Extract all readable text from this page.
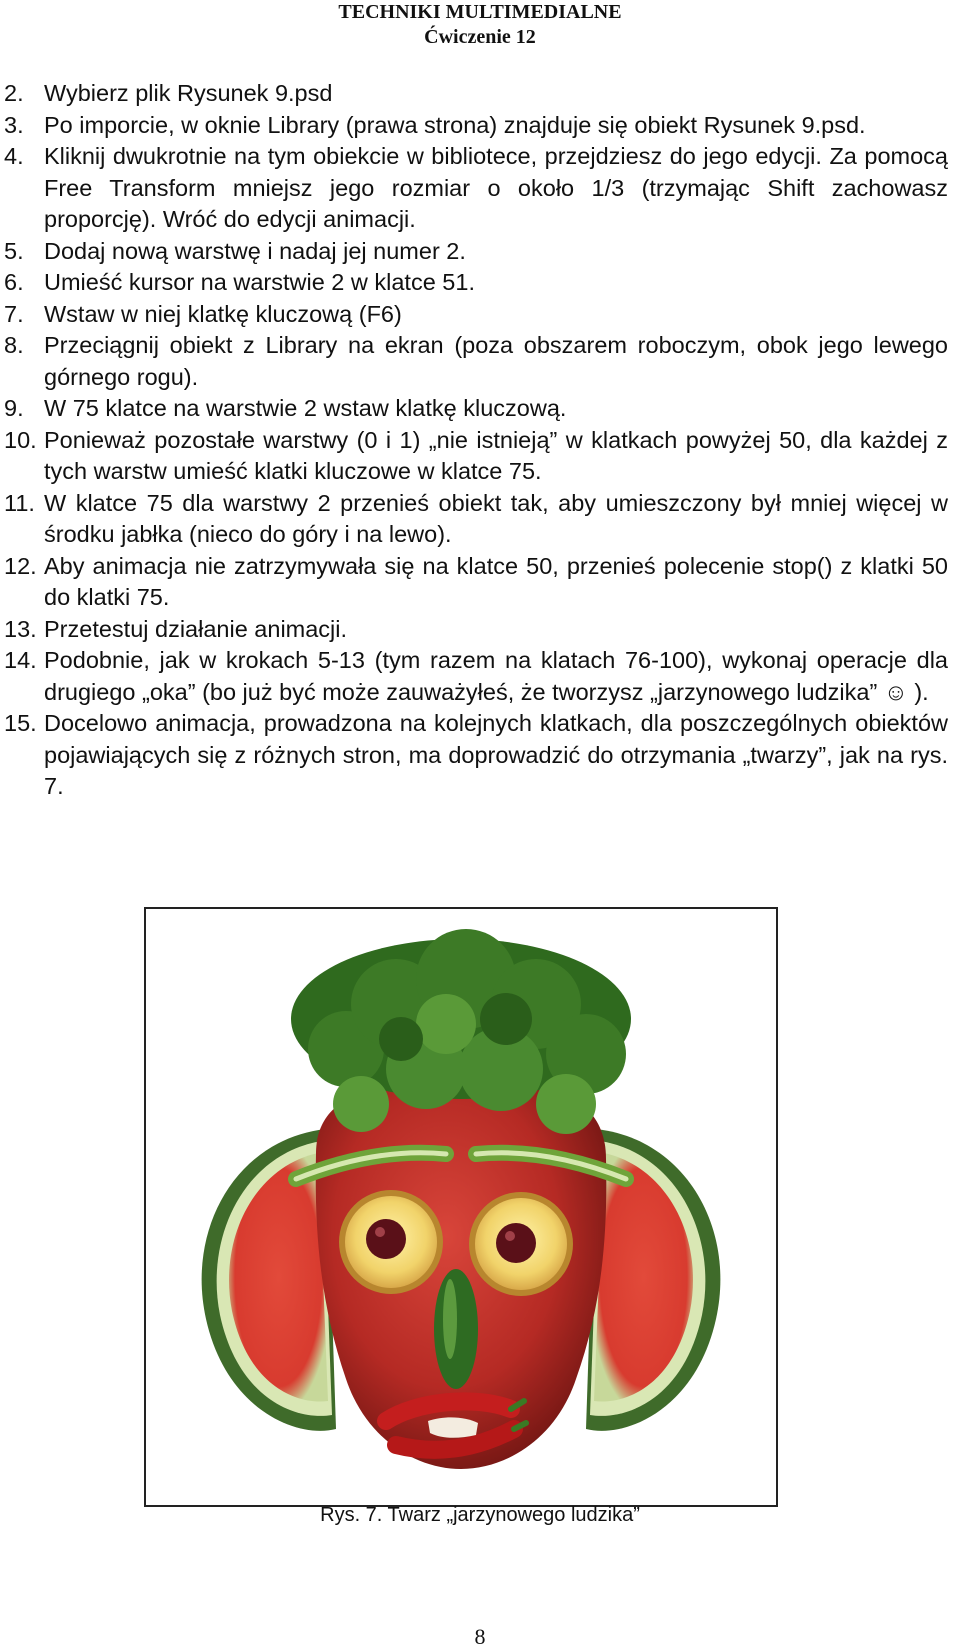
TECHNIKI MULTIMEDIALNE
Ćwiczenie 12
2. Wybierz plik Rysunek 9.psd
3. Po imporcie, w oknie Library (prawa strona) znajduje się obiekt Rysunek 9.psd.
4. Kliknij dwukrotnie na tym obiekcie w bibliotece, przejdziesz do jego edycji. Za pomocą Free Transform mniejsz jego rozmiar o około 1/3 (trzymając Shift zachowasz proporcję). Wróć do edycji animacji.
5. Dodaj nową warstwę i nadaj jej numer 2.
6. Umieść kursor na warstwie 2 w klatce 51.
7. Wstaw w niej klatkę kluczową (F6)
8. Przeciągnij obiekt z Library na ekran (poza obszarem roboczym, obok jego lewego górnego rogu).
9. W 75 klatce na warstwie 2 wstaw klatkę kluczową.
10. Ponieważ pozostałe warstwy (0 i 1) „nie istnieją” w klatkach powyżej 50, dla każdej z tych warstw umieść klatki kluczowe w klatce 75.
11. W klatce 75 dla warstwy 2 przenieś obiekt tak, aby umieszczony był mniej więcej w środku jabłka (nieco do góry i na lewo).
12. Aby animacja nie zatrzymywała się na klatce 50, przenieś polecenie stop() z klatki 50 do klatki 75.
13. Przetestuj działanie animacji.
14. Podobnie, jak w krokach 5-13 (tym razem na klatach 76-100), wykonaj operacje dla drugiego „oka” (bo już być może zauważyłeś, że tworzysz „jarzynowego ludzika” ☺ ).
15. Docelowo animacja, prowadzona na kolejnych klatkach, dla poszczególnych obiektów pojawiających się z różnych stron, ma doprowadzić do otrzymania „twarzy”, jak na rys. 7.
Rys. 7. Twarz „jarzynowego ludzika”
8
